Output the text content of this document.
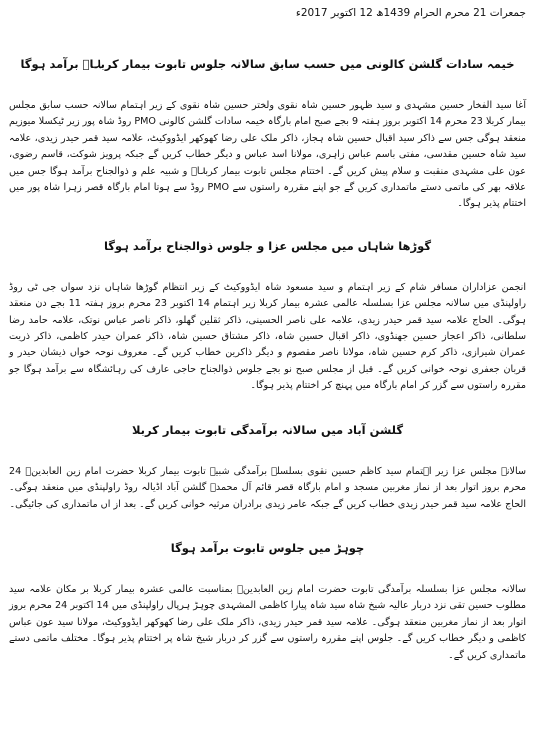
جمعرات 21 محرم الحرام 1439ھ 12 اکتوبر 2017ء

خیمہ سادات گلشن کالونی میں حسب سابق سالانہ جلوس تابوت بیمار کربلاؑ برآمد ہوگا

آغا سید الفخار حسین مشہدی و سید ظہور حسین شاہ نقوی ولختر حسین شاہ نقوی کے زیر اہتمام سالانہ حسب سابق مجلس بیمار کربلا 23 محرم 14 اکتوبر بروز ہفتہ 9 بجے صبح امام بارگاہ خیمہ سادات گلشن کالونی PMO روڈ شاہ پور زیر ٹیکسلا میوزیم منعقد ہوگی جس سے ذاکر سید اقبال حسین شاہ ہجاز، ذاکر ملک علی رضا کھوکھر ایڈووکیٹ، علامہ سید قمر حیدر زیدی، علامہ سید شاہ حسین مقدسی، مفتی باسم عباس زاہری، مولانا اسد عباس و دیگر خطاب کریں گے جبکہ پرویز شوکت، قاسم رضوی، عون علی مشہدی منقبت و سلام پیش کریں گے۔ اختتام مجلس تابوت بیمار کربلاؑ و شبیہ علم و ذوالجناح برآمد ہوگا جس میں علاقہ بھر کی ماتمی دستے ماتمداری کریں گے جو اپنے مقررہ راستوں سے PMO روڈ سے ہوتا امام بارگاہ قصر زہرا شاہ پور میں اختتام پذیر ہوگا۔

گوڑھا شاہاں میں مجلس عزا و جلوس ذوالجناح برآمد ہوگا

انجمن عزاداران مسافر شام کے زیر اہتمام و سید مسعود شاہ ایڈووکیٹ کے زیر انتظام گوڑھا شاہاں نزد سواں جی ٹی روڈ راولپنڈی میں سالانہ مجلس عزا بسلسلہ عالمی عشرہ بیمار کربلا زیر اہتمام 14 اکتوبر 23 محرم بروز ہفتہ 11 بجے دن منعقد ہوگی۔ الحاج علامہ سید قمر حیدر زیدی، علامہ علی ناصر الحسینی، ذاکر ثقلین گھلو، ذاکر ناصر عباس نوتک، علامہ حامد رضا سلطانی، ذاکر اعجاز حسین جھنڈوی، ذاکر اقبال حسین شاہ، ذاکر مشتاق حسین شاہ، ذاکر عمران حیدر کاظمی، ذاکر ذریت عمران شیرازی، ذاکر کرم حسین شاہ، مولانا ناصر مقصوم و دیگر ذاکرین خطاب کریں گے۔ معروف نوحہ خواں ذیشان حیدر و قربان جعفری نوحہ خوانی کریں گے۔ قبل از مجلس صبح نو بجے جلوس ذوالجناح حاجی عارف کی رہائشگاہ سے برآمد ہوگا جو مقررہ راستوں سے گزر کر امام بارگاہ میں پہنچ کر اختتام پذیر ہوگا۔

گلشن آباد میں سالانہ برآمدگی تابوت بیمار کربلا

سالانہ مجلس عزا زیر اہتمام سید کاظم حسین نقوی بسلسلہ برآمدگی شبیہ تابوت بیمار کربلا حضرت امام زین العابدینؑ 24 محرم بروز اتوار بعد از نماز مغربین مسجد و امام بارگاہ قصر قائم آل محمدؐ گلشن آباد اڈیالہ روڈ راولپنڈی میں منعقد ہوگی۔ الحاج علامہ سید قمر حیدر زیدی خطاب کریں گے جبکہ عامر زیدی برادران مرثیہ خوانی کریں گے۔ بعد از اں ماتمداری کی جائیگی۔

چوہڑ میں جلوس تابوت برآمد ہوگا

سالانہ مجلس عزا بسلسلہ برآمدگی تابوت حضرت امام زین العابدینؑ بمناسبت عالمی عشرہ بیمار کربلا بر مکان علامہ سید مطلوب حسین تقی نزد دربار عالیہ شیخ شاہ سید شاہ پیارا کاظمی المشہدی چوہڑ ہرپال راولپنڈی میں 14 اکتوبر 24 محرم بروز اتوار بعد از نماز مغربین منعقد ہوگی۔ علامہ سید قمر حیدر زیدی، ذاکر ملک علی رضا کھوکھر ایڈووکیٹ، مولانا سید عون عباس کاظمی و دیگر خطاب کریں گے۔ جلوس اپنے مقررہ راستوں سے گزر کر دربار شیخ شاہ پر اختتام پذیر ہوگا۔ مختلف ماتمی دستے ماتمداری کریں گے۔
